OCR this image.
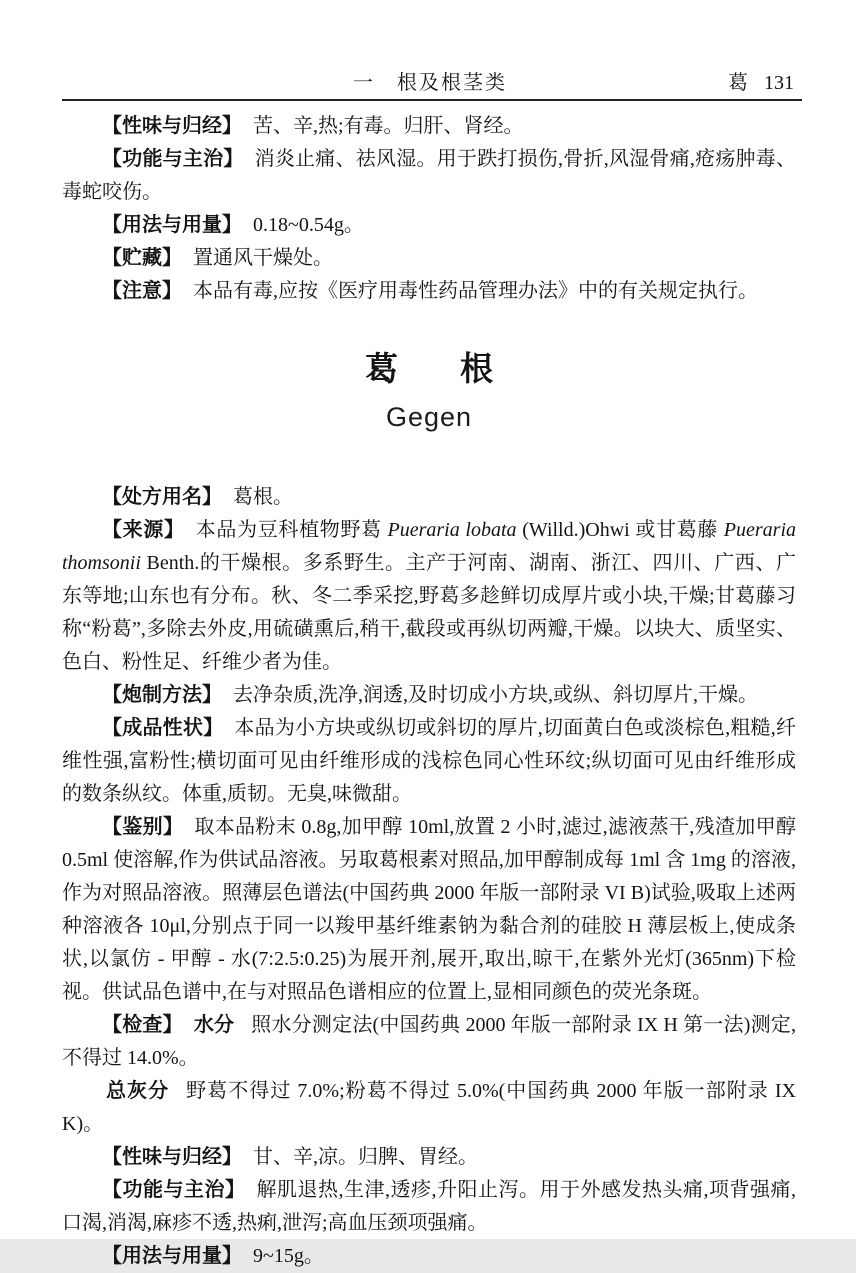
一　根及根茎类	葛 131

【性味与归经】 苦、辛,热;有毒。归肝、肾经。

【功能与主治】 消炎止痛、祛风湿。用于跌打损伤,骨折,风湿骨痛,疮疡肿毒、毒蛇咬伤。

【用法与用量】 0.18~0.54g。

【贮藏】 置通风干燥处。

【注意】 本品有毒,应按《医疗用毒性药品管理办法》中的有关规定执行。

葛 根
Gegen

【处方用名】 葛根。

【来源】 本品为豆科植物野葛 Pueraria lobata (Willd.)Ohwi 或甘葛藤 Pueraria thomsonii Benth.的干燥根。多系野生。主产于河南、湖南、浙江、四川、广西、广东等地;山东也有分布。秋、冬二季采挖,野葛多趁鲜切成厚片或小块,干燥;甘葛藤习称“粉葛”,多除去外皮,用硫磺熏后,稍干,截段或再纵切两瓣,干燥。以块大、质坚实、色白、粉性足、纤维少者为佳。

【炮制方法】 去净杂质,洗净,润透,及时切成小方块,或纵、斜切厚片,干燥。

【成品性状】 本品为小方块或纵切或斜切的厚片,切面黄白色或淡棕色,粗糙,纤维性强,富粉性;横切面可见由纤维形成的浅棕色同心性环纹;纵切面可见由纤维形成的数条纵纹。体重,质韧。无臭,味微甜。

【鉴别】 取本品粉末 0.8g,加甲醇 10ml,放置 2 小时,滤过,滤液蒸干,残渣加甲醇 0.5ml 使溶解,作为供试品溶液。另取葛根素对照品,加甲醇制成每 1ml 含 1mg 的溶液,作为对照品溶液。照薄层色谱法(中国药典 2000 年版一部附录 VI B)试验,吸取上述两种溶液各 10μl,分别点于同一以羧甲基纤维素钠为黏合剂的硅胶 H 薄层板上,使成条状,以氯仿 - 甲醇 - 水(7:2.5:0.25)为展开剂,展开,取出,晾干,在紫外光灯(365nm)下检视。供试品色谱中,在与对照品色谱相应的位置上,显相同颜色的荧光条斑。

【检查】 水分 照水分测定法(中国药典 2000 年版一部附录 IX H 第一法)测定,不得过 14.0%。

总灰分 野葛不得过 7.0%;粉葛不得过 5.0%(中国药典 2000 年版一部附录 IX K)。

【性味与归经】 甘、辛,凉。归脾、胃经。

【功能与主治】 解肌退热,生津,透疹,升阳止泻。用于外感发热头痛,项背强痛,口渴,消渴,麻疹不透,热痢,泄泻;高血压颈项强痛。

【用法与用量】 9~15g。
